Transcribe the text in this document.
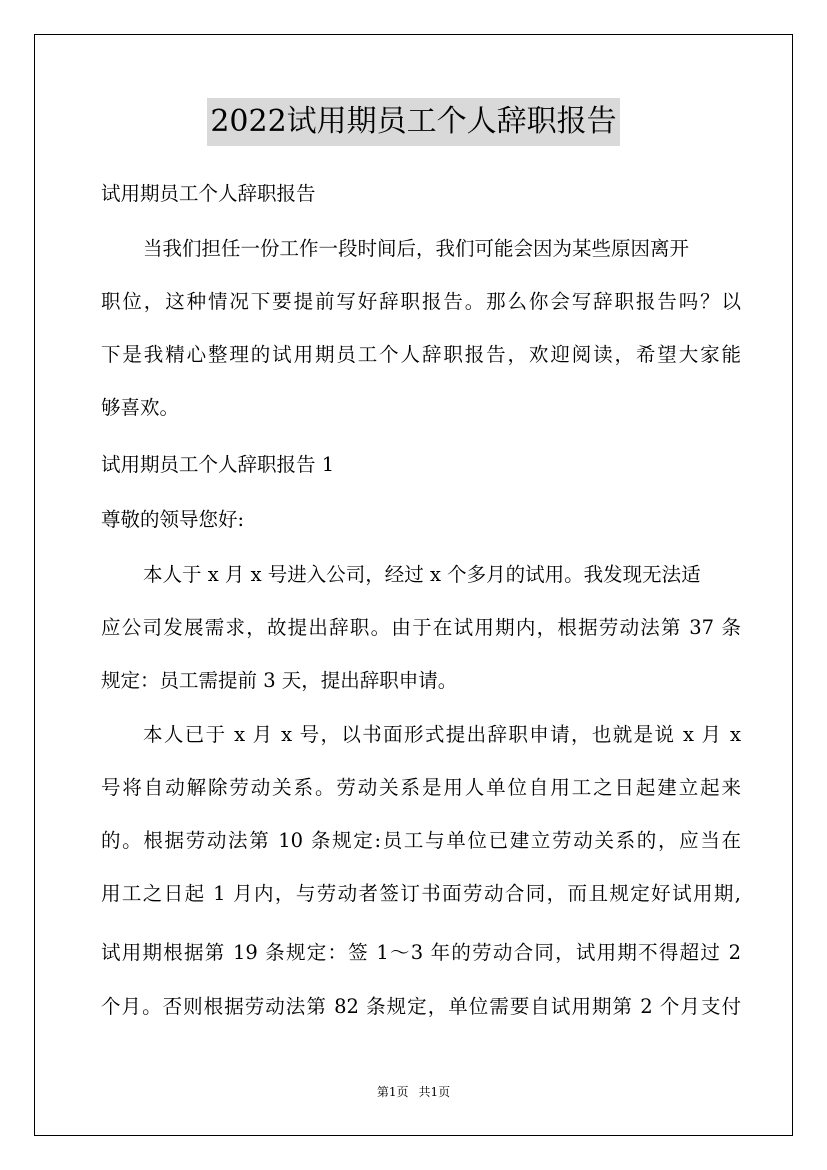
2022试用期员工个人辞职报告
试用期员工个人辞职报告
当我们担任一份工作一段时间后，我们可能会因为某些原因离开
职位，这种情况下要提前写好辞职报告。那么你会写辞职报告吗？以
下是我精心整理的试用期员工个人辞职报告，欢迎阅读，希望大家能
够喜欢。
试用期员工个人辞职报告 1
尊敬的领导您好:
本人于 x 月 x 号进入公司，经过 x 个多月的试用。我发现无法适
应公司发展需求，故提出辞职。由于在试用期内，根据劳动法第 37 条
规定：员工需提前 3 天，提出辞职申请。
本人已于 x 月 x 号，以书面形式提出辞职申请，也就是说 x 月 x
号将自动解除劳动关系。劳动关系是用人单位自用工之日起建立起来
的。根据劳动法第 10 条规定:员工与单位已建立劳动关系的，应当在
用工之日起 1 月内，与劳动者签订书面劳动合同，而且规定好试用期,
试用期根据第 19 条规定：签 1～3 年的劳动合同，试用期不得超过 2
个月。否则根据劳动法第 82 条规定，单位需要自试用期第 2 个月支付
第1页 共1页
